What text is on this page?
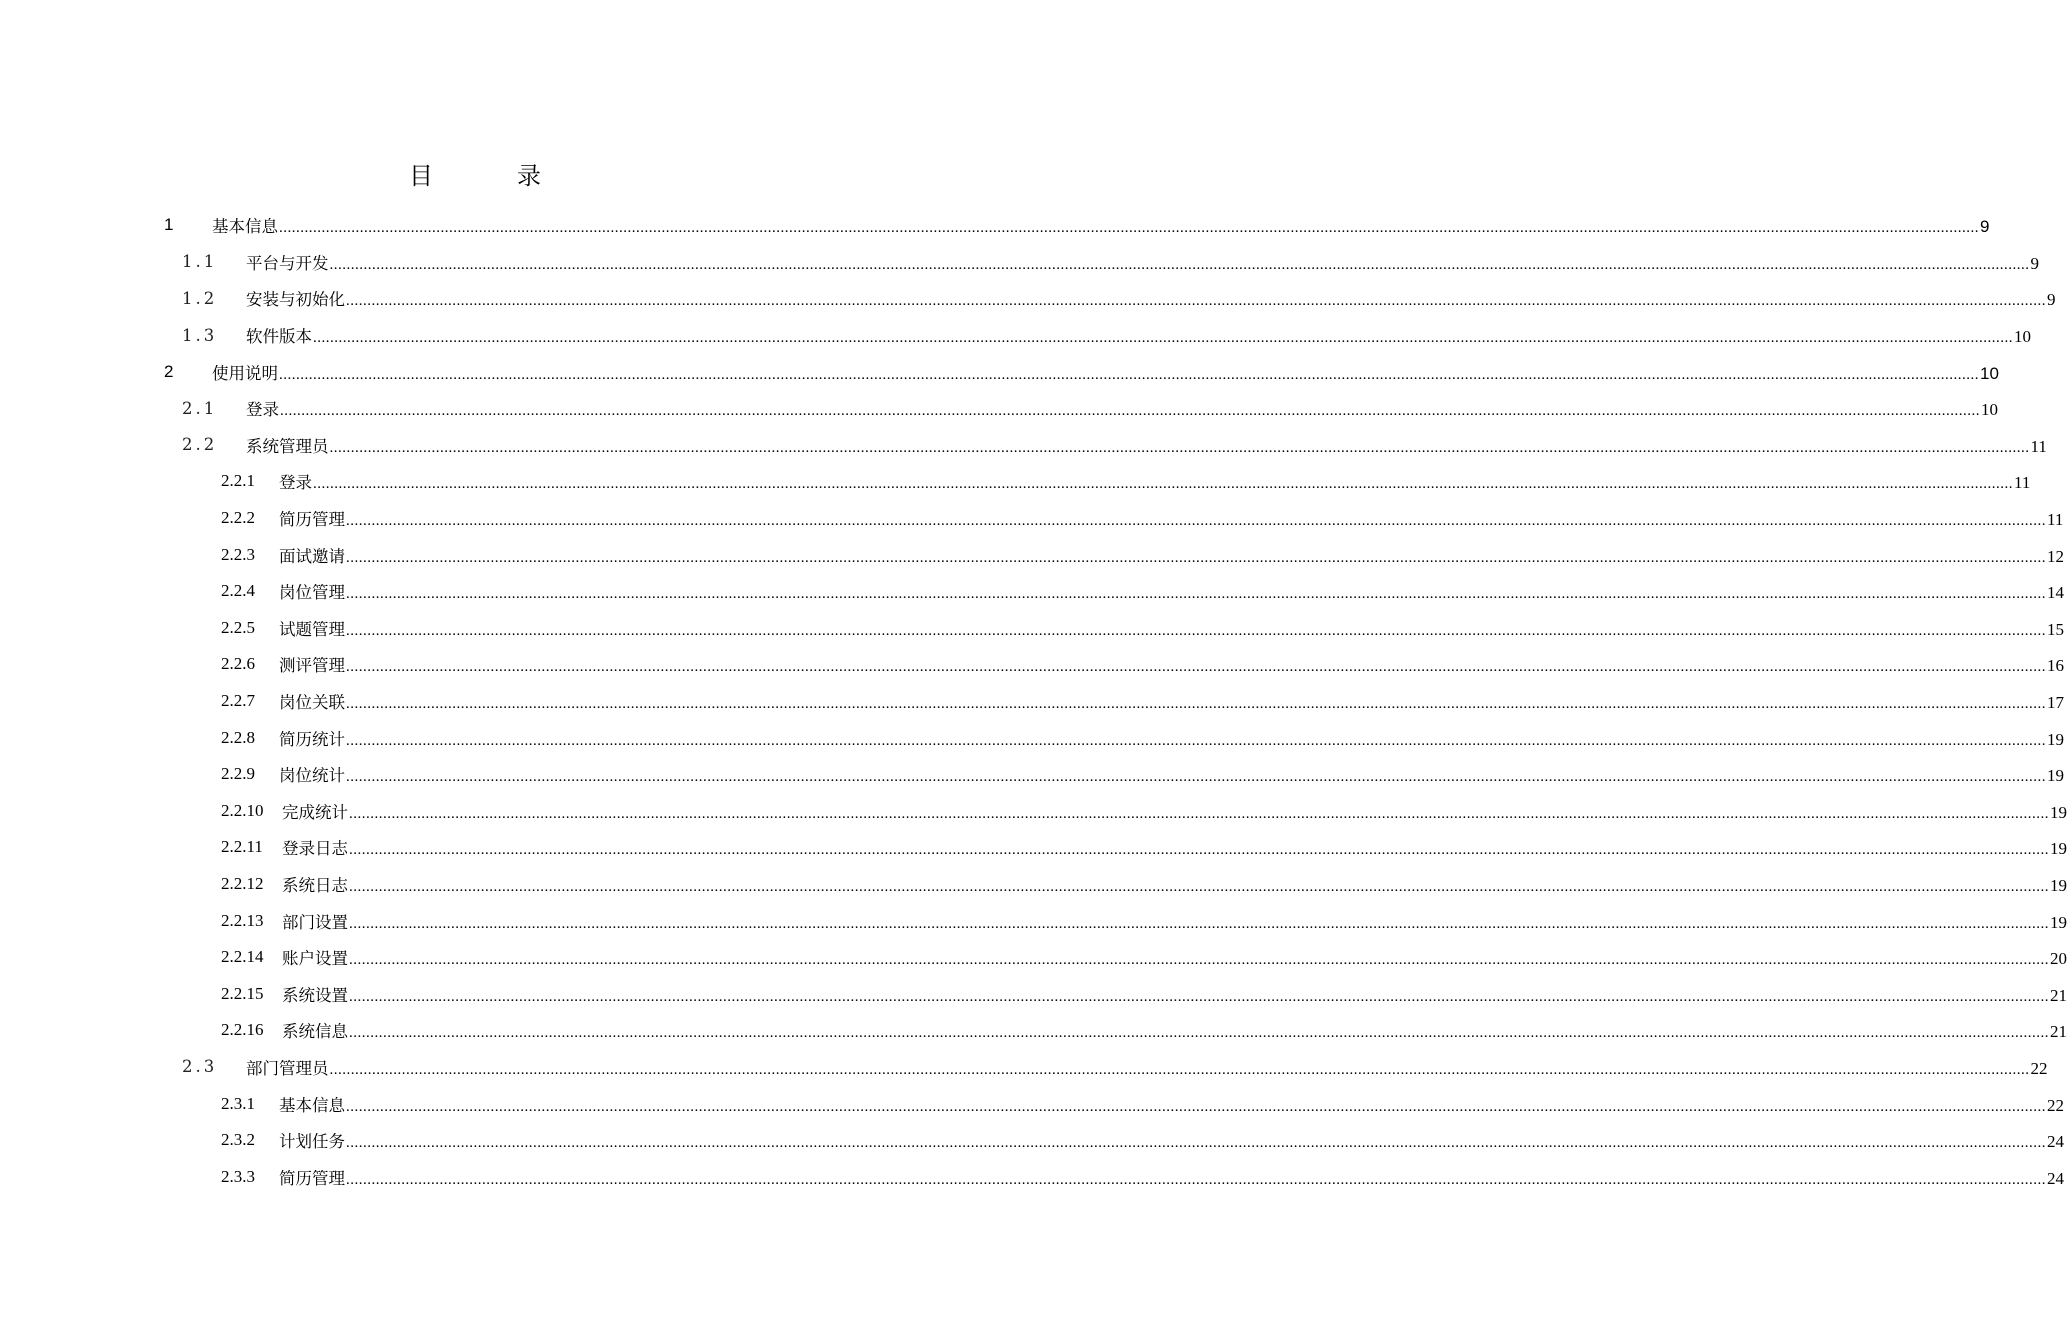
目　录
1 基本信息 ................................................................................................................................................................................................................................................................................................................................................................................................................ 9
1.1 平台与开发 ................................................................................................................................................................................................................................................................................................................................................................................................................ 9
1.2 安装与初始化 ................................................................................................................................................................................................................................................................................................................................................................................................................ 9
1.3 软件版本 ................................................................................................................................................................................................................................................................................................................................................................................................................ 10
2 使用说明 ................................................................................................................................................................................................................................................................................................................................................................................................................ 10
2.1 登录 ................................................................................................................................................................................................................................................................................................................................................................................................................ 10
2.2 系统管理员 ................................................................................................................................................................................................................................................................................................................................................................................................................ 11
2.2.1 登录 ................................................................................................................................................................................................................................................................................................................................................................................................................ 11
2.2.2 简历管理 ................................................................................................................................................................................................................................................................................................................................................................................................................ 11
2.2.3 面试邀请 ................................................................................................................................................................................................................................................................................................................................................................................................................ 12
2.2.4 岗位管理 ................................................................................................................................................................................................................................................................................................................................................................................................................ 14
2.2.5 试题管理 ................................................................................................................................................................................................................................................................................................................................................................................................................ 15
2.2.6 测评管理 ................................................................................................................................................................................................................................................................................................................................................................................................................ 16
2.2.7 岗位关联 ................................................................................................................................................................................................................................................................................................................................................................................................................ 17
2.2.8 简历统计 ................................................................................................................................................................................................................................................................................................................................................................................................................ 19
2.2.9 岗位统计 ................................................................................................................................................................................................................................................................................................................................................................................................................ 19
2.2.10 完成统计 ................................................................................................................................................................................................................................................................................................................................................................................................................ 19
2.2.11 登录日志 ................................................................................................................................................................................................................................................................................................................................................................................................................ 19
2.2.12 系统日志 ................................................................................................................................................................................................................................................................................................................................................................................................................ 19
2.2.13 部门设置 ................................................................................................................................................................................................................................................................................................................................................................................................................ 19
2.2.14 账户设置 ................................................................................................................................................................................................................................................................................................................................................................................................................ 20
2.2.15 系统设置 ................................................................................................................................................................................................................................................................................................................................................................................................................ 21
2.2.16 系统信息 ................................................................................................................................................................................................................................................................................................................................................................................................................ 21
2.3 部门管理员 ................................................................................................................................................................................................................................................................................................................................................................................................................ 22
2.3.1 基本信息 ................................................................................................................................................................................................................................................................................................................................................................................................................ 22
2.3.2 计划任务 ................................................................................................................................................................................................................................................................................................................................................................................................................ 24
2.3.3 简历管理 ................................................................................................................................................................................................................................................................................................................................................................................................................ 24
